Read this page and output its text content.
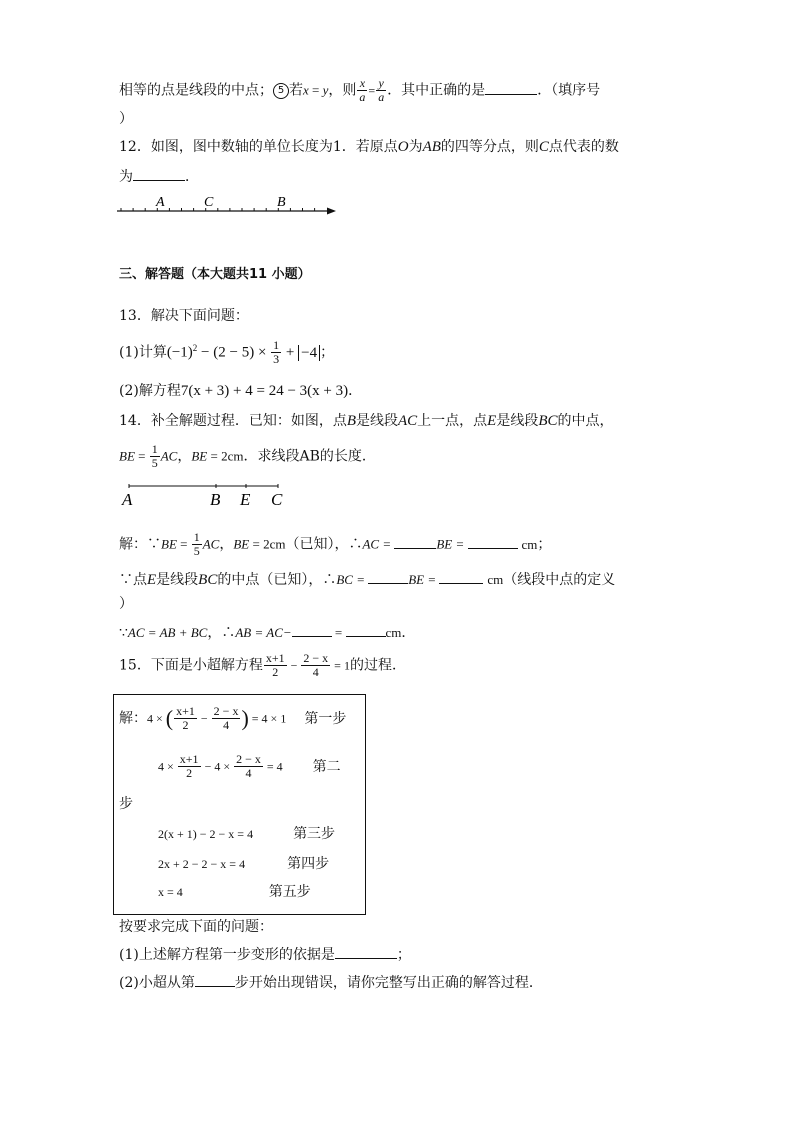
相等的点是线段的中点； 5 若x = y，则 $\frac{x}{a} = \frac{y}{a}$ ．其中正确的是	．（填序号
）
12．如图，图中数轴的单位长度为1．若原点O为AB的四等分点，则C点代表的数
为	．
A	C	B
三、解答题（本大题共11 小题）
13．解决下面问题：
(1)计算$(-1)^2 - (2 - 5) \times \frac{1}{3} + -4$ ；
(2)解方程7(x + 3) + 4 = 24 − 3(x + 3)．
14．补全解题过程．已知：如图，点B是线段AC上一点，点E是线段BC的中点，
BE = $\frac{1}{5}$ AC，BE = 2cm．求线段AB的长度．
A	B E C
解：∵BE = $\frac{1}{5}$ AC，BE = 2cm（已知），∴AC =	BE =	cm；
∵点E是线段BC的中点（已知），∴BC =	BE =	cm（线段中点的定义
）
∵AC = AB + BC，∴AB = AC−	=	cm．
15．下面是小超解方程 $\frac{x+1}{2} - \frac{2 - x}{4} = 1$的过程．
解：4 × ( $\frac{x+1}{2} - \frac{2 - x}{4}$ ) = 4 × 1 第一步
$4 \times \frac{x+1}{2} - 4 \times \frac{2 - x}{4} = 4$ 第二
步
2(x + 1) − 2 − x = 4	第三步
2x + 2 − 2 − x = 4	第四步
x = 4	第五步
按要求完成下面的问题：
(1)上述解方程第一步变形的依据是	；
(2)小超从第	步开始出现错误，请你完整写出正确的解答过程．
